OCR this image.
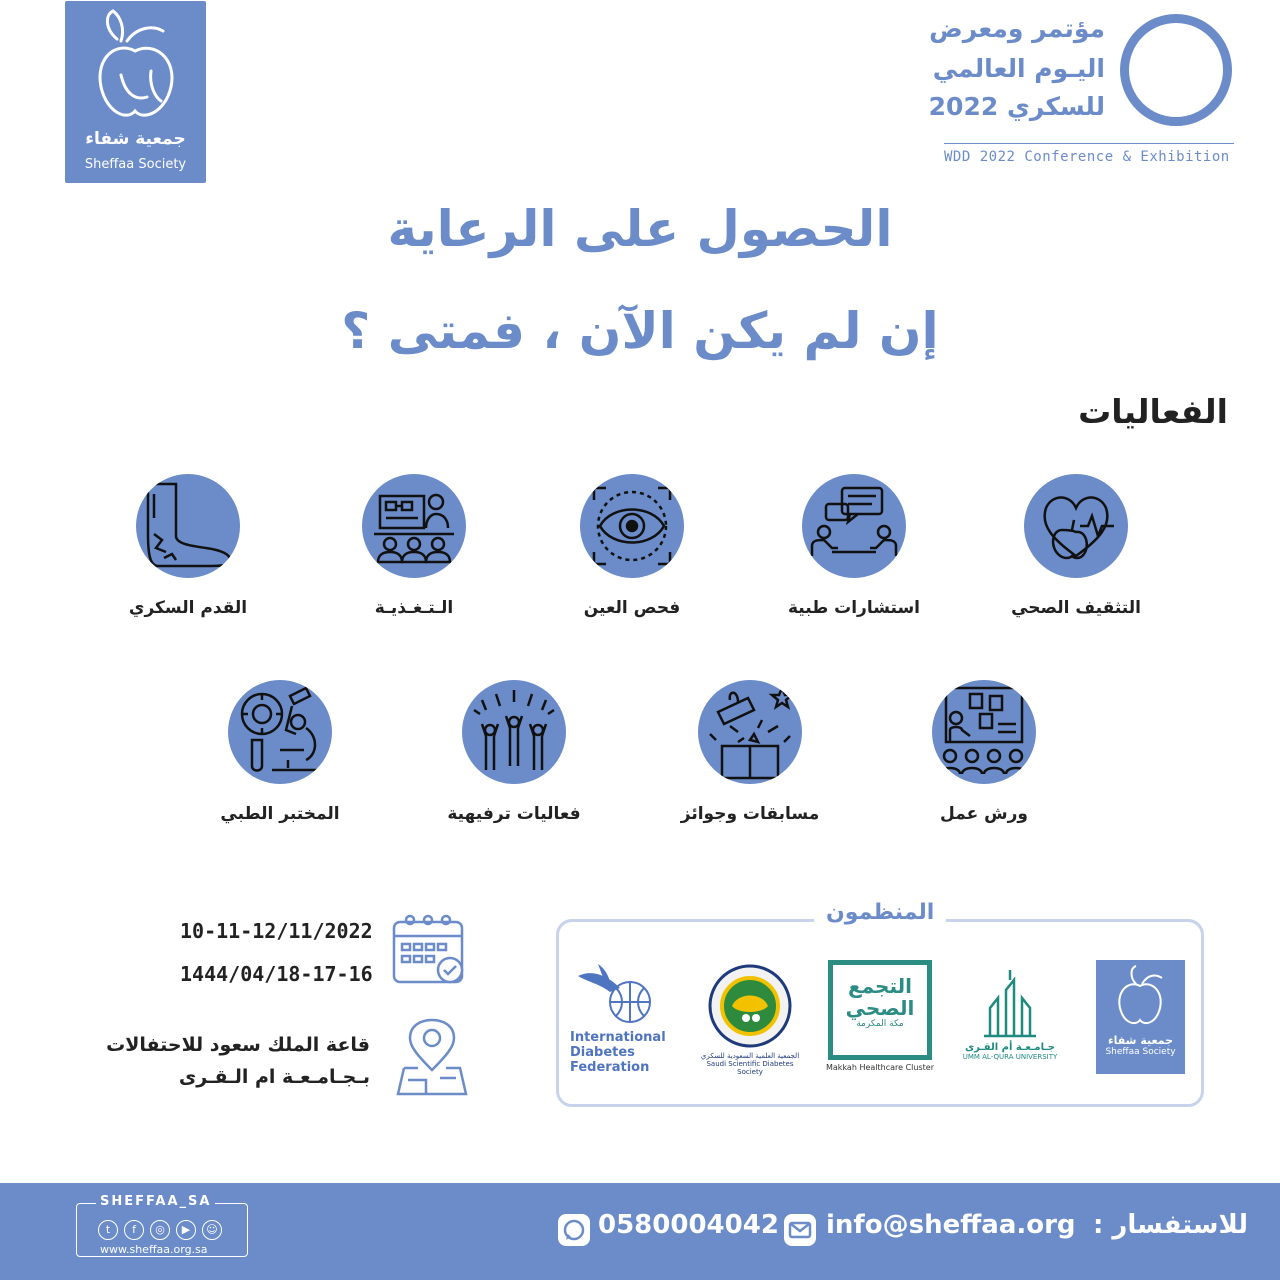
جمعية شفاء
Sheffaa Society
مؤتمر ومعرض
اليـوم العالمي
للسكري 2022
WDD 2022 Conference & Exhibition
الحصول على الرعاية
إن لم يكن الآن ، فمتى ؟
الفعاليات
التثقيف الصحي
استشارات طبية
فحص العين
الـتـغـذيـة
القدم السكري
ورش عمل
مسابقات وجوائز
فعاليات ترفيهية
المختبر الطبي
10-11-12/11/2022
1444/04/18-17-16
قاعة الملك سعود للاحتفالات
بـجـامـعـة ام الـقـرى
المنظمون
جمعية شفاء
Sheffaa Society
جـامـعـة أم القـرى
UMM AL-QURA UNIVERSITY
التجمع
الصحي
مكة المكرمة
Makkah Healthcare Cluster
الجمعية العلمية السعودية للسكري
Saudi Scientific Diabetes Society
International
Diabetes
Federation
SHEFFAA_SA
www.sheffaa.org.sa
t	f	◎	▶	☺	0580004042 info@sheffaa.org للاستفسار :
